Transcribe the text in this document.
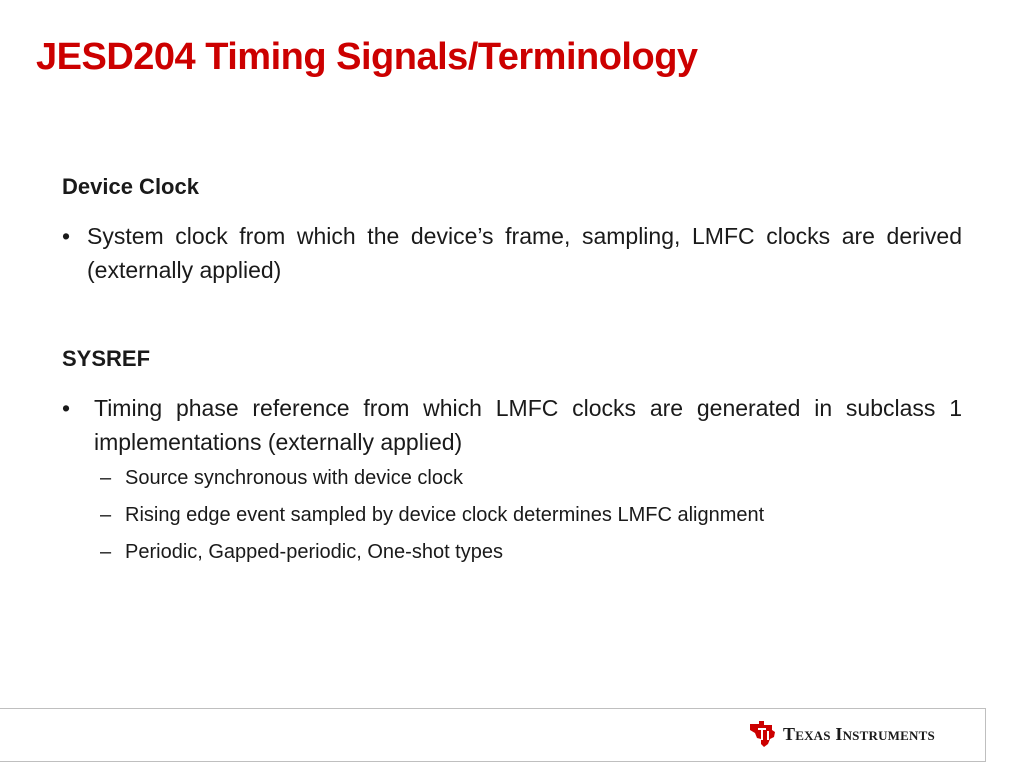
JESD204 Timing Signals/Terminology
Device Clock
• System clock from which the device’s frame, sampling, LMFC clocks are derived (externally applied)
SYSREF
• Timing phase reference from which LMFC clocks are generated in subclass 1 implementations (externally applied)
– Source synchronous with device clock
– Rising edge event sampled by device clock determines LMFC alignment
– Periodic, Gapped-periodic, One-shot types
Texas Instruments
